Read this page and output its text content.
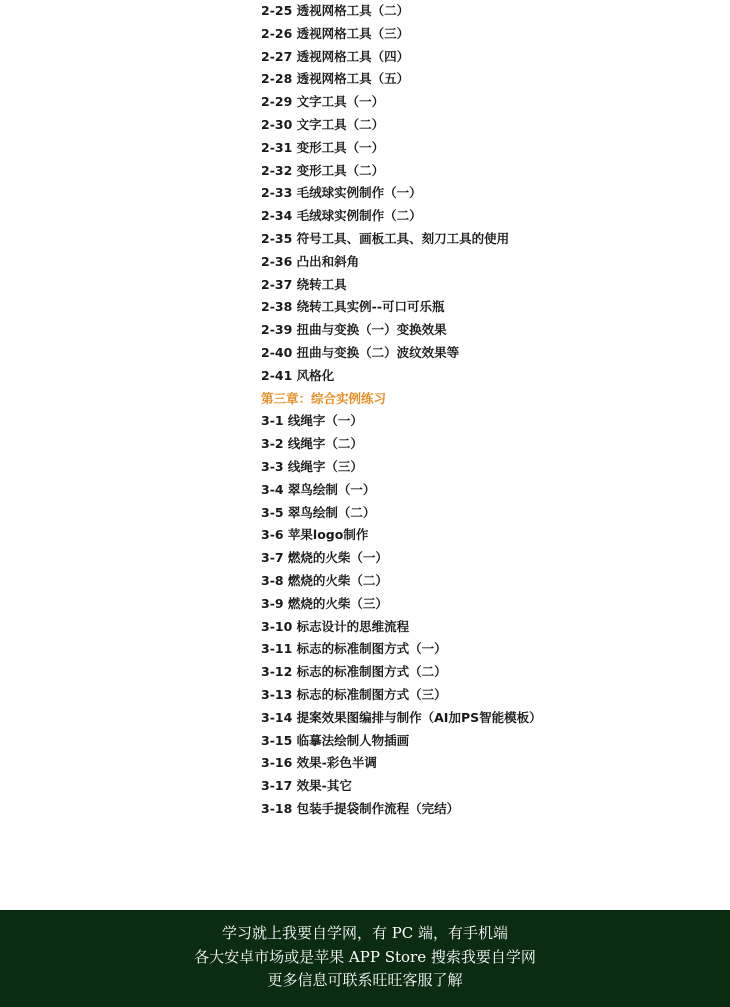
2-25 透视网格工具（二）
2-26 透视网格工具（三）
2-27 透视网格工具（四）
2-28 透视网格工具（五）
2-29 文字工具（一）
2-30 文字工具（二）
2-31 变形工具（一）
2-32 变形工具（二）
2-33 毛绒球实例制作（一）
2-34 毛绒球实例制作（二）
2-35 符号工具、画板工具、刻刀工具的使用
2-36 凸出和斜角
2-37 绕转工具
2-38 绕转工具实例--可口可乐瓶
2-39 扭曲与变换（一）变换效果
2-40 扭曲与变换（二）波纹效果等
2-41 风格化
第三章：综合实例练习
3-1 线绳字（一）
3-2 线绳字（二）
3-3 线绳字（三）
3-4 翠鸟绘制（一）
3-5 翠鸟绘制（二）
3-6 苹果logo制作
3-7 燃烧的火柴（一）
3-8 燃烧的火柴（二）
3-9 燃烧的火柴（三）
3-10 标志设计的思维流程
3-11 标志的标准制图方式（一）
3-12 标志的标准制图方式（二）
3-13 标志的标准制图方式（三）
3-14 提案效果图编排与制作（AI加PS智能模板）
3-15 临摹法绘制人物插画
3-16 效果-彩色半调
3-17 效果-其它
3-18 包装手提袋制作流程（完结）
学习就上我要自学网，有 PC 端，有手机端
各大安卓市场或是苹果 APP Store 搜索我要自学网
更多信息可联系旺旺客服了解
